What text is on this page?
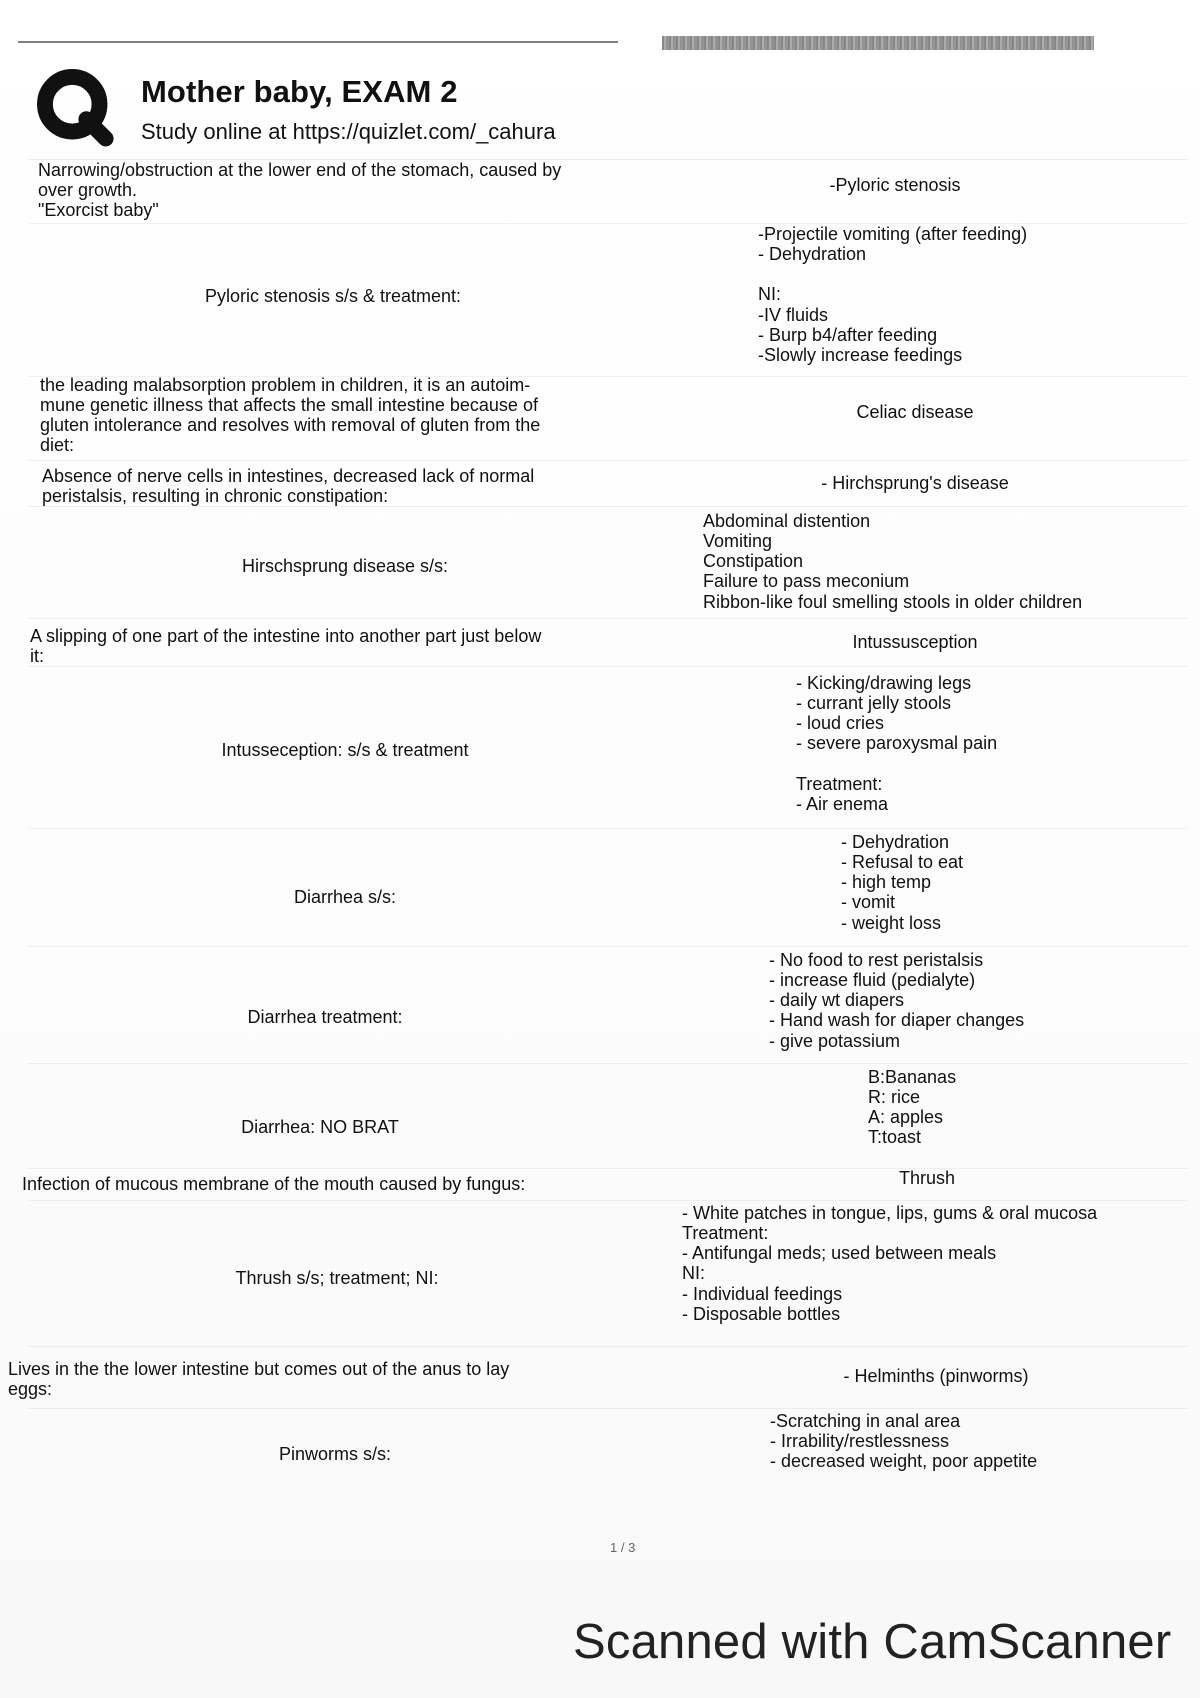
Mother baby, EXAM 2
Study online at https://quizlet.com/_cahura
Narrowing/obstruction at the lower end of the stomach, caused by
over growth.
"Exorcist baby"
-Pyloric stenosis
Pyloric stenosis s/s & treatment:
-Projectile vomiting (after feeding)
- Dehydration

NI:
-IV fluids
- Burp b4/after feeding
-Slowly increase feedings
the leading malabsorption problem in children, it is an autoim-
mune genetic illness that affects the small intestine because of
gluten intolerance and resolves with removal of gluten from the
diet:
Celiac disease
Absence of nerve cells in intestines, decreased lack of normal
peristalsis, resulting in chronic constipation:
- Hirchsprung's disease
Hirschsprung disease s/s:
Abdominal distention
Vomiting
Constipation
Failure to pass meconium
Ribbon-like foul smelling stools in older children
A slipping of one part of the intestine into another part just below
it:
Intussusception
Intusseception: s/s & treatment
- Kicking/drawing legs
- currant jelly stools
- loud cries
- severe paroxysmal pain

Treatment:
- Air enema
Diarrhea s/s:
- Dehydration
- Refusal to eat
- high temp
- vomit
- weight loss
Diarrhea treatment:
- No food to rest peristalsis
- increase fluid (pedialyte)
- daily wt diapers
- Hand wash for diaper changes
- give potassium
Diarrhea: NO BRAT
B:Bananas
R: rice
A: apples
T:toast
Infection of mucous membrane of the mouth caused by fungus:	Thrush
Thrush s/s; treatment; NI:
- White patches in tongue, lips, gums & oral mucosa
Treatment:
- Antifungal meds; used between meals
NI:
- Individual feedings
- Disposable bottles
Lives in the the lower intestine but comes out of the anus to lay
eggs:
- Helminths (pinworms)
Pinworms s/s:
-Scratching in anal area
- Irrability/restlessness
- decreased weight, poor appetite
1 / 3
Scanned with CamScanner
